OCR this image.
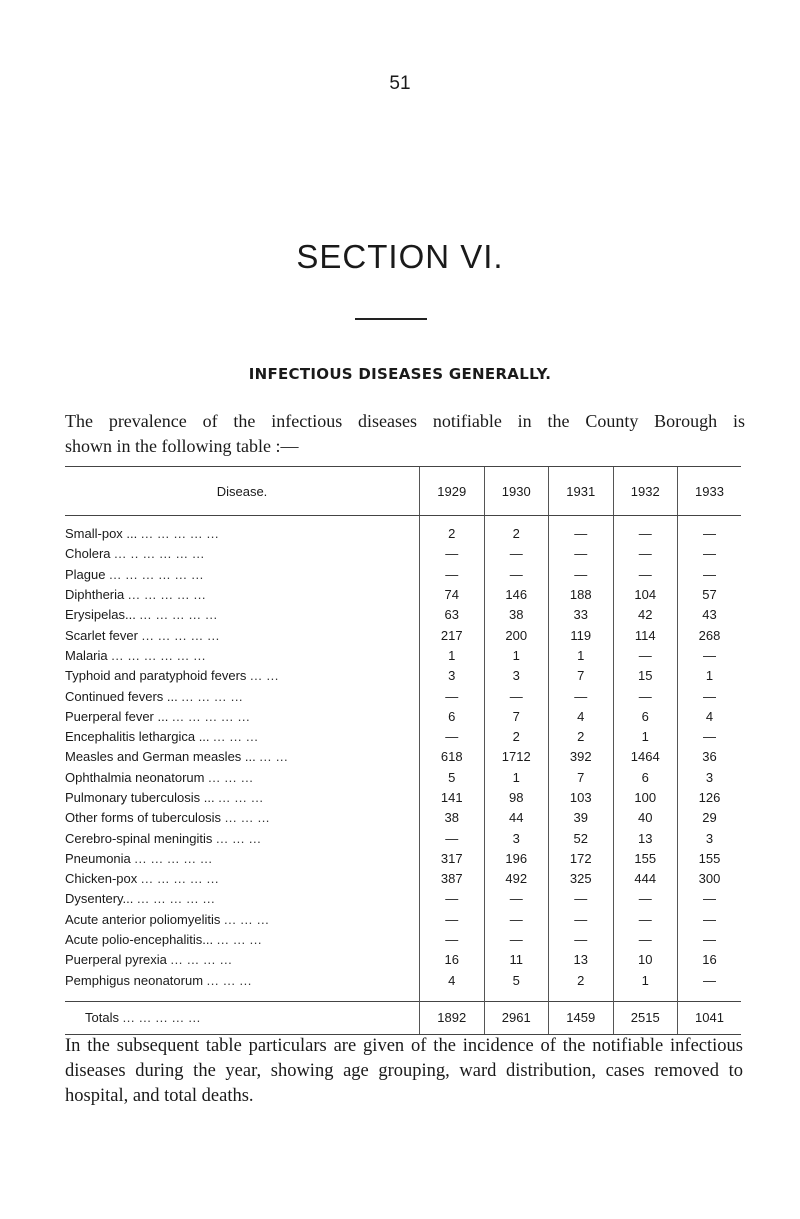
51
SECTION VI.
INFECTIOUS DISEASES GENERALLY.
The prevalence of the infectious diseases notifiable in the County Borough is
shown in the following table :—
Disease.	1929	1930	1931	1932	1933
Small-pox ... ... ... ... ... ...	2	2	—	—	—
Cholera ... .. ... ... ... ...	—	—	—	—	—
Plague ... ... ... ... ... ...	—	—	—	—	—
Diphtheria ... ... ... ... ...	74	146	188	104	57
Erysipelas... ... ... ... ... ...	63	38	33	42	43
Scarlet fever ... ... ... ... ...	217	200	119	114	268
Malaria ... ... ... ... ... ...	1	1	1	—	—
Typhoid and paratyphoid fevers ... ...	3	3	7	15	1
Continued fevers ... ... ... ... ...	—	—	—	—	—
Puerperal fever ... ... ... ... ... ...	6	7	4	6	4
Encephalitis lethargica ... ... ... ...	—	2	2	1	—
Measles and German measles ... ... ...	618	1712	392	1464	36
Ophthalmia neonatorum ... ... ...	5	1	7	6	3
Pulmonary tuberculosis ... ... ... ...	141	98	103	100	126
Other forms of tuberculosis ... ... ...	38	44	39	40	29
Cerebro-spinal meningitis ... ... ...	—	3	52	13	3
Pneumonia ... ... ... ... ...	317	196	172	155	155
Chicken-pox ... ... ... ... ...	387	492	325	444	300
Dysentery... ... ... ... ... ...	—	—	—	—	—
Acute anterior poliomyelitis ... ... ...	—	—	—	—	—
Acute polio-encephalitis... ... ... ...	—	—	—	—	—
Puerperal pyrexia ... ... ... ...	16	11	13	10	16
Pemphigus neonatorum ... ... ...	4	5	2	1	—
Totals ... ... ... ... ...	1892	2961	1459	2515	1041
In the subsequent table particulars are given of the incidence of the notifiable infectious diseases during the year, showing age grouping, ward distribution, cases removed to hospital, and total deaths.
